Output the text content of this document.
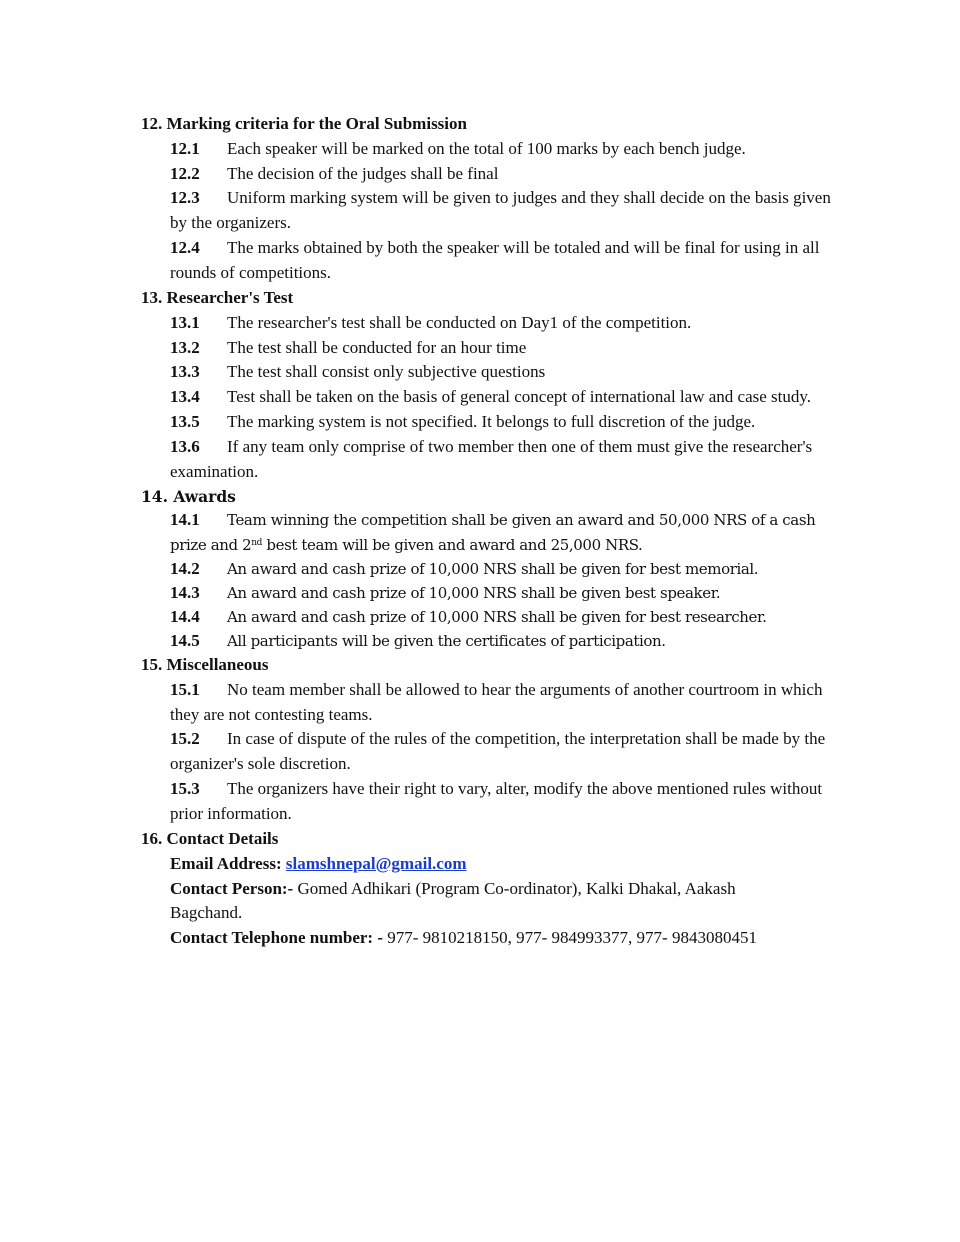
12. Marking criteria for the Oral Submission
12.1 Each speaker will be marked on the total of 100 marks by each bench judge.
12.2 The decision of the judges shall be final
12.3 Uniform marking system will be given to judges and they shall decide on the basis given by the organizers.
12.4 The marks obtained by both the speaker will be totaled and will be final for using in all rounds of competitions.
13. Researcher's Test
13.1 The researcher's test shall be conducted on Day1 of the competition.
13.2 The test shall be conducted for an hour time
13.3 The test shall consist only subjective questions
13.4 Test shall be taken on the basis of general concept of international law and case study.
13.5 The marking system is not specified. It belongs to full discretion of the judge.
13.6 If any team only comprise of two member then one of them must give the researcher's examination.
14. Awards
14.1 Team winning the competition shall be given an award and 50,000 NRS of a cash prize and 2nd best team will be given and award and 25,000 NRS.
14.2 An award and cash prize of 10,000 NRS shall be given for best memorial.
14.3 An award and cash prize of 10,000 NRS shall be given best speaker.
14.4 An award and cash prize of 10,000 NRS shall be given for best researcher.
14.5 All participants will be given the certificates of participation.
15. Miscellaneous
15.1 No team member shall be allowed to hear the arguments of another courtroom in which they are not contesting teams.
15.2 In case of dispute of the rules of the competition, the interpretation shall be made by the organizer's sole discretion.
15.3 The organizers have their right to vary, alter, modify the above mentioned rules without prior information.
16. Contact Details
Email Address: slamshnepal@gmail.com
Contact Person:- Gomed Adhikari (Program Co-ordinator), Kalki Dhakal, Aakash Bagchand.
Contact Telephone number: - 977- 9810218150, 977- 984993377, 977- 9843080451
